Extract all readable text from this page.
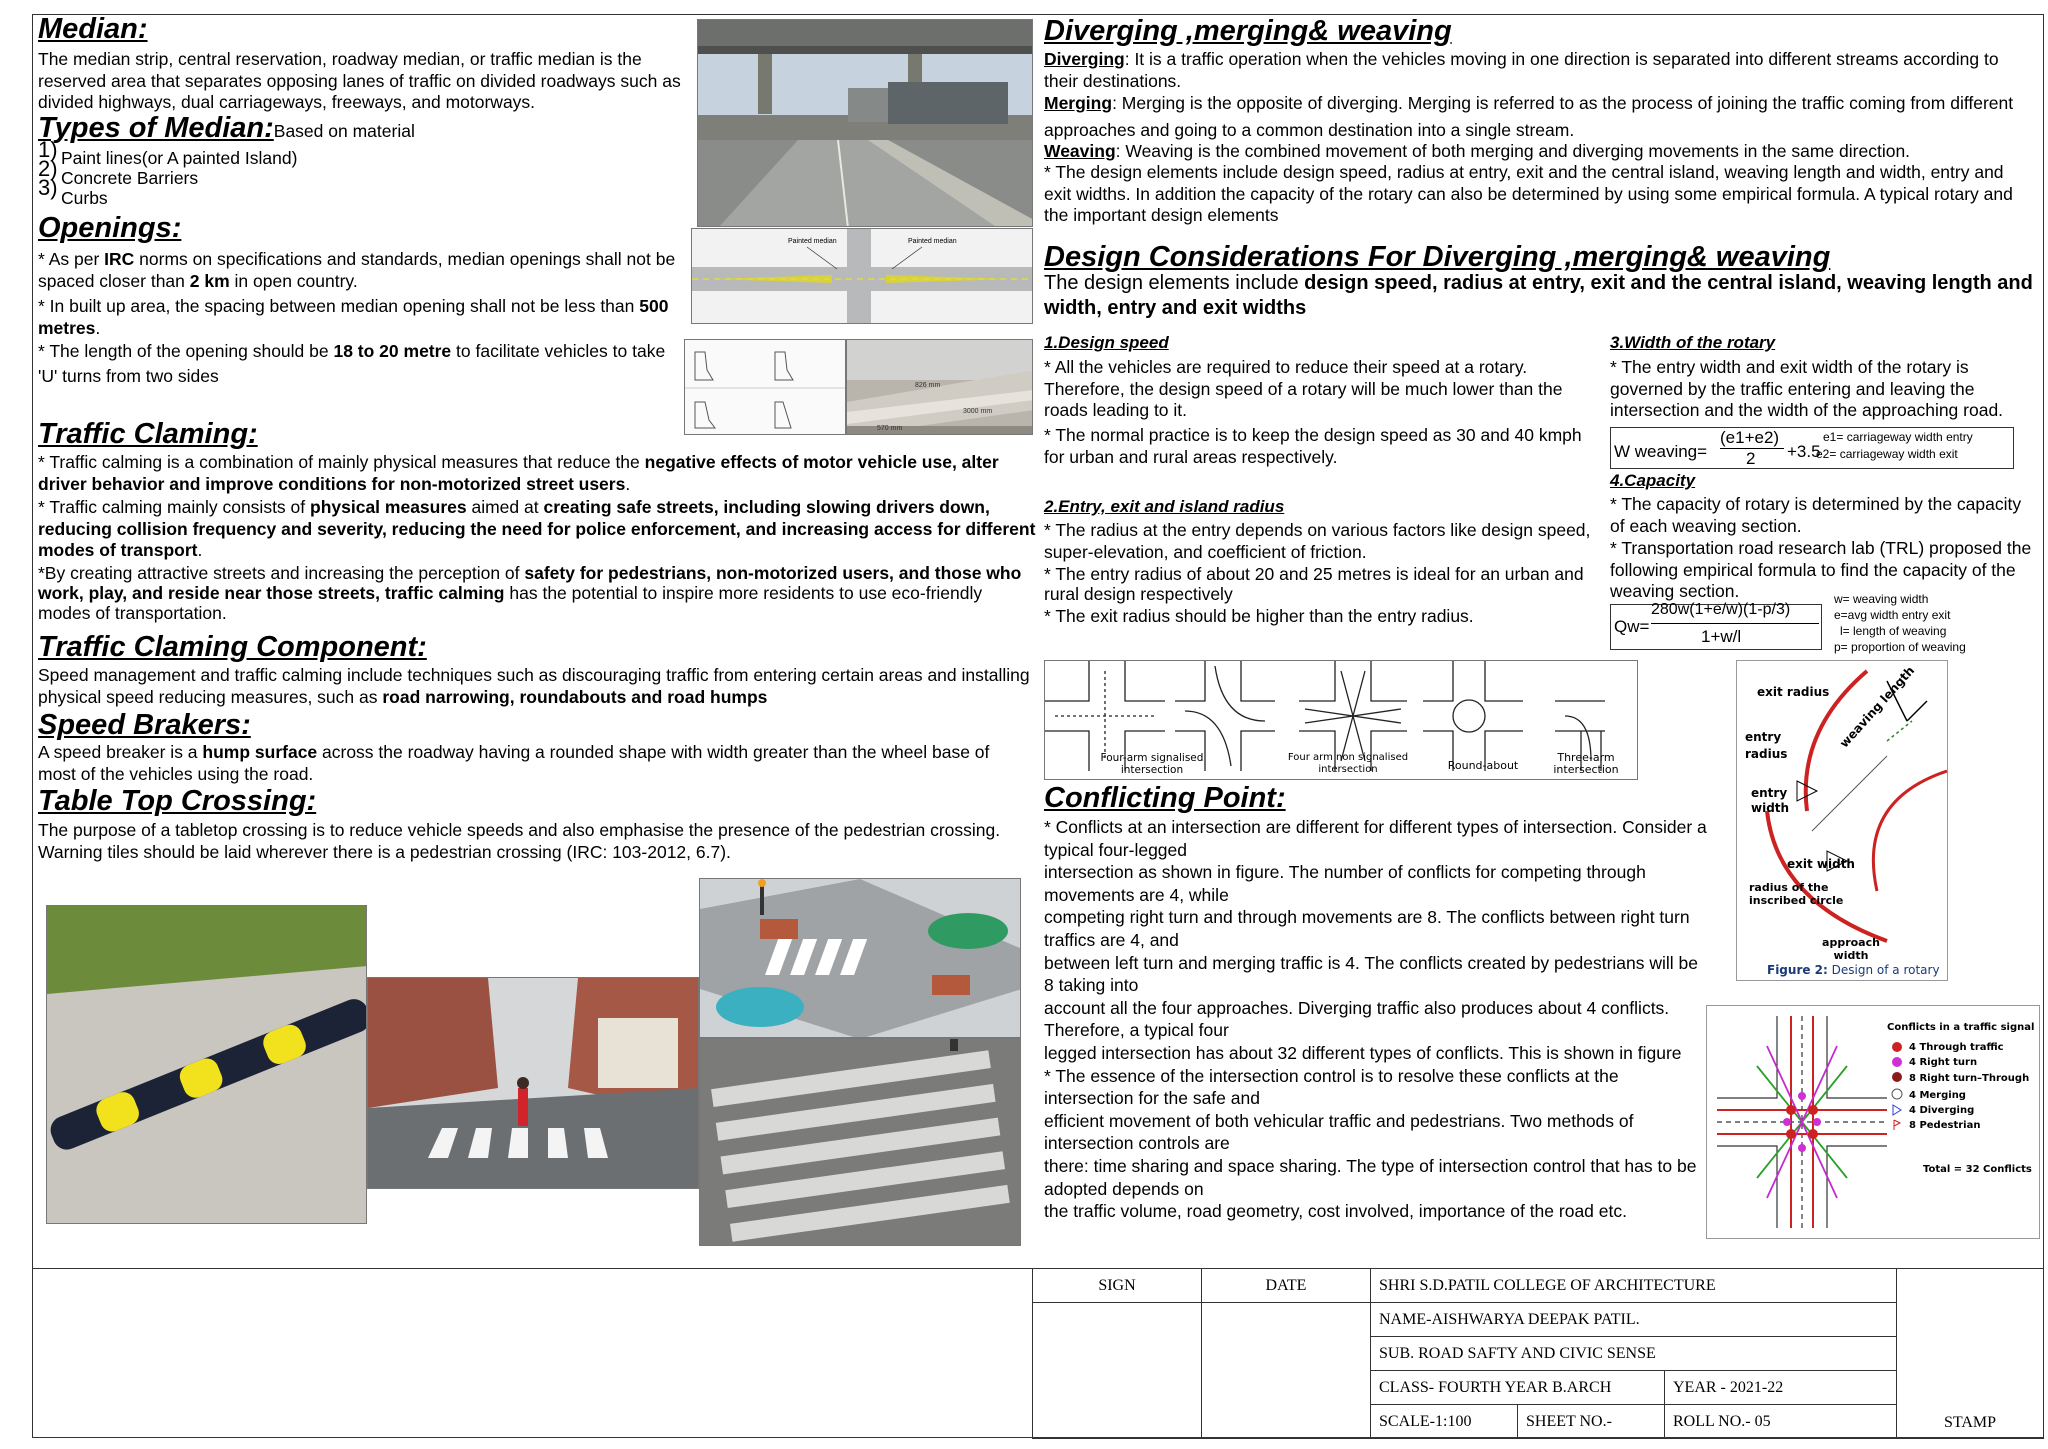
Median:

The median strip, central reservation, roadway median, or traffic median is the reserved area that separates opposing lanes of traffic on divided roadways such as divided highways, dual carriageways, freeways, and motorways.

Types of Median:Based on material
1)
2)
3)
Paint lines(or A painted Island)
Concrete Barriers
Curbs
Openings:

* As per IRC norms on specifications and standards, median openings shall not be spaced closer than 2 km in open country.

* In built up area, the spacing between median opening shall not be less than 500 metres.

* The length of the opening should be 18 to 20 metre to facilitate vehicles to take 'U' turns from two sides

Traffic Claming:

* Traffic calming is a combination of mainly physical measures that reduce the negative effects of motor vehicle use, alter driver behavior and improve conditions for non-motorized street users.

* Traffic calming mainly consists of physical measures aimed at creating safe streets, including slowing drivers down, reducing collision frequency and severity, reducing the need for police enforcement, and increasing access for different modes of transport.

*By creating attractive streets and increasing the perception of safety for pedestrians, non-motorized users, and those who work, play, and reside near those streets, traffic calming has the potential to inspire more residents to use eco-friendly modes of transportation.

Traffic Claming Component:

Speed management and traffic calming include techniques such as discouraging traffic from entering certain areas and installing physical speed reducing measures, such as road narrowing, roundabouts and road humps

Speed Brakers:

A speed breaker is a hump surface across the roadway having a rounded shape with width greater than the wheel base of most of the vehicles using the road.

Table Top Crossing:

The purpose of a tabletop crossing is to reduce vehicle speeds and also emphasise the presence of the pedestrian crossing. Warning tiles should be laid wherever there is a pedestrian crossing (IRC: 103-2012, 6.7).

Painted median	Painted median
826 mm
3000 mm
570 mm
Diverging ,merging& weaving

Diverging: It is a traffic operation when the vehicles moving in one direction is separated into different streams according to their destinations.

Merging: Merging is the opposite of diverging. Merging is referred to as the process of joining the traffic coming from different approaches and going to a common destination into a single stream.

Weaving: Weaving is the combined movement of both merging and diverging movements in the same direction.

* The design elements include design speed, radius at entry, exit and the central island, weaving length and width, entry and exit widths. In addition the capacity of the rotary can also be determined by using some empirical formula. A typical rotary and the important design elements

Design Considerations For Diverging ,merging& weaving

The design elements include design speed, radius at entry, exit and the central island, weaving length and width, entry and exit widths

1.Design speed

* All the vehicles are required to reduce their speed at a rotary. Therefore, the design speed of a rotary will be much lower than the roads leading to it.

* The normal practice is to keep the design speed as 30 and 40 kmph for urban and rural areas respectively.

2.Entry, exit and island radius

* The radius at the entry depends on various factors like design speed, super-elevation, and coefficient of friction.

* The entry radius of about 20 and 25 metres is ideal for an urban and rural design respectively

* The exit radius should be higher than the entry radius.

3.Width of the rotary

* The entry width and exit width of the rotary is governed by the traffic entering and leaving the intersection and the width of the approaching road.

W weaving=
(e1+e2)
2 +3.5
e1= carriageway width entry
e2= carriageway width exit
4.Capacity

* The capacity of rotary is determined by the capacity of each weaving section.

* Transportation road research lab (TRL) proposed the following empirical formula to find the capacity of the weaving section.

Qw=
280w(1+e/w)(1-p/3)
1+w/l
w= weaving width
e=avg width entry exit
l= length of weaving
p= proportion of weaving
Four-arm signalised intersection
Four arm non signalised intersection	Round-about
Three-arm intersection
Conflicting Point:
* Conflicts at an intersection are different for different types of intersection. Consider a typical four-legged
intersection as shown in figure. The number of conflicts for competing through movements are 4, while
competing right turn and through movements are 8. The conflicts between right turn traffics are 4, and
between left turn and merging traffic is 4. The conflicts created by pedestrians will be 8 taking into
account all the four approaches. Diverging traffic also produces about 4 conflicts. Therefore, a typical four
legged intersection has about 32 different types of conflicts. This is shown in figure
* The essence of the intersection control is to resolve these conflicts at the intersection for the safe and
efficient movement of both vehicular traffic and pedestrians. Two methods of intersection controls are
there: time sharing and space sharing. The type of intersection control that has to be adopted depends on
the traffic volume, road geometry, cost involved, importance of the road etc.
exit radius
entry radius
entry width
exit width
radius of the inscribed circle
approach width
weaving length
Figure 2: Design of a rotary
Conflicts in a traffic signal
4 Through traffic
4 Right turn
8 Right turn–Through
4 Merging
4 Diverging
8 Pedestrian
Total = 32 Conflicts
SIGN	DATE	SHRI S.D.PATIL COLLEGE OF ARCHITECTURE			STAMP
		NAME-AISHWARYA DEEPAK PATIL.			
		SUB. ROAD SAFTY AND CIVIC SENSE			
		CLASS- FOURTH YEAR B.ARCH		YEAR - 2021-22	
		SCALE-1:100	SHEET NO.-	ROLL NO.- 05	
